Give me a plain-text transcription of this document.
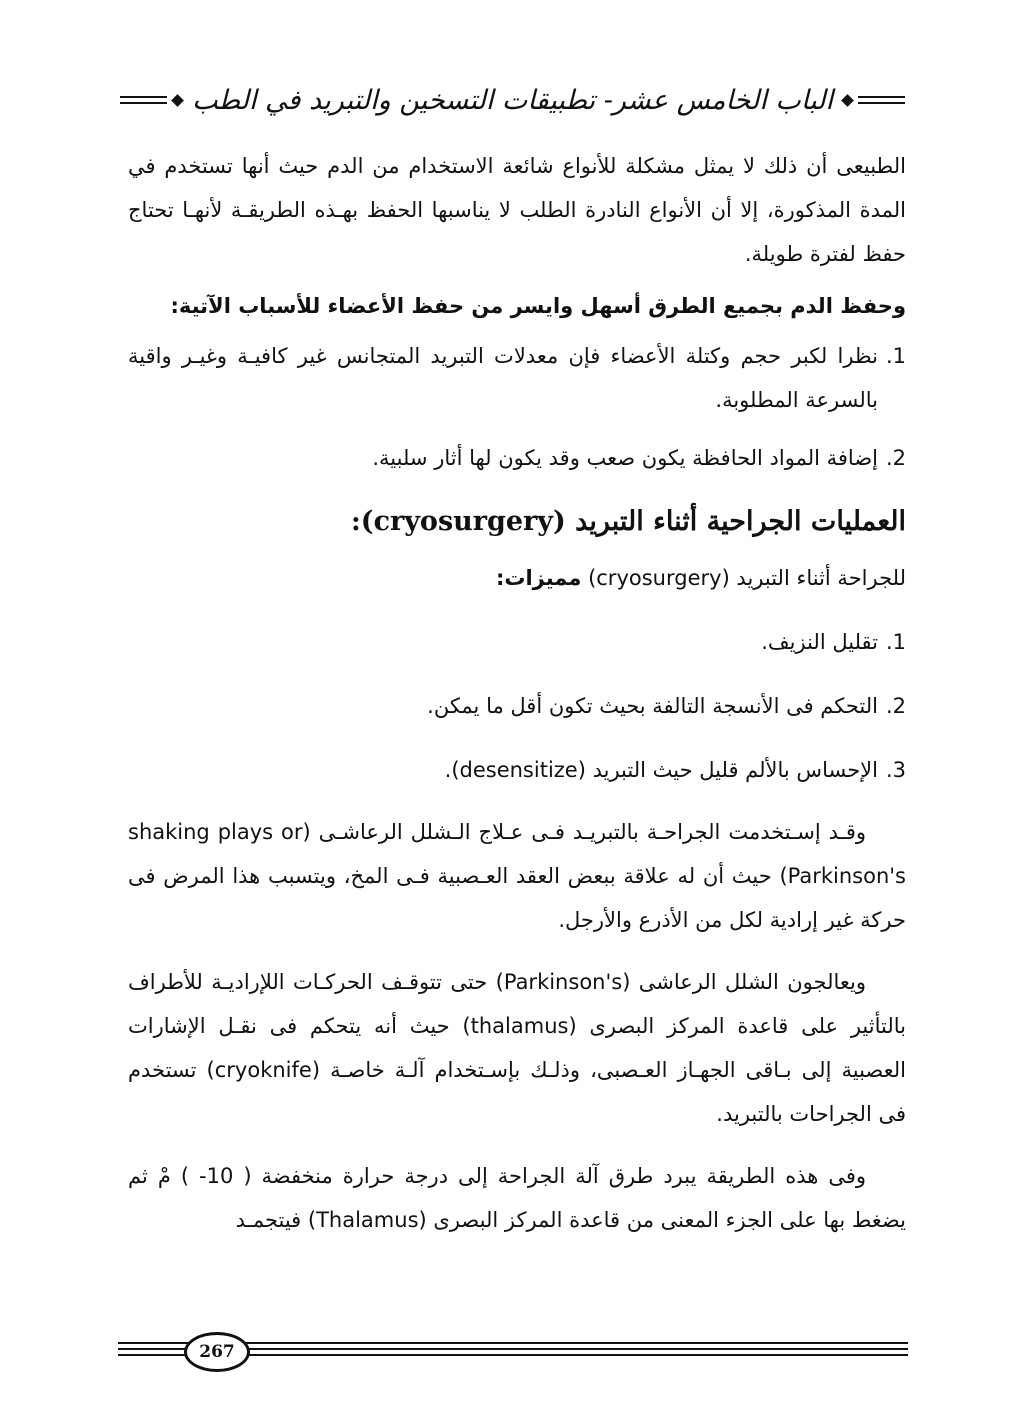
الباب الخامس عشر- تطبيقات التسخين والتبريد في الطب

الطبيعى أن ذلك لا يمثل مشكلة للأنواع شائعة الاستخدام من الدم حيث أنها تستخدم في المدة المذكورة، إلا أن الأنواع النادرة الطلب لا يناسبها الحفظ بهـذه الطريقـة لأنهـا تحتاج حفظ لفترة طويلة.

وحفظ الدم بجميع الطرق أسهل وايسر من حفظ الأعضاء للأسباب الآتية:

1.
نظرا لكبر حجم وكتلة الأعضاء فإن معدلات التبريد المتجانس غير كافيـة وغيـر واقية بالسرعة المطلوبة.
2.
إضافة المواد الحافظة يكون صعب وقد يكون لها أثار سلبية.
العمليات الجراحية أثناء التبريد (cryosurgery):

للجراحة أثناء التبريد (cryosurgery) مميزات:

1.
تقليل النزيف.
2.
التحكم فى الأنسجة التالفة بحيث تكون أقل ما يمكن.
3.
الإحساس بالألم قليل حيث التبريد (desensitize).

وقـد إسـتخدمت الجراحـة بالتبريـد فـى عـلاج الـشلل الرعاشـى (shaking plays or Parkinson's) حيث أن له علاقة ببعض العقد العـصبية فـى المخ، ويتسبب هذا المرض فى حركة غير إرادية لكل من الأذرع والأرجل.

ويعالجون الشلل الرعاشى (Parkinson's) حتى تتوقـف الحركـات اللإراديـة للأطراف بالتأثير على قاعدة المركز البصرى (thalamus) حيث أنه يتحكم فى نقـل الإشارات العصبية إلى بـاقى الجهـاز العـصبى، وذلـك بإسـتخدام آلـة خاصـة (cryoknife) تستخدم فى الجراحات بالتبريد.

وفى هذه الطريقة يبرد طرق آلة الجراحة إلى درجة حرارة منخفضة ( 10- ) مْ ثم يضغط بها على الجزء المعنى من قاعدة المركز البصرى (Thalamus) فيتجمـد

267
